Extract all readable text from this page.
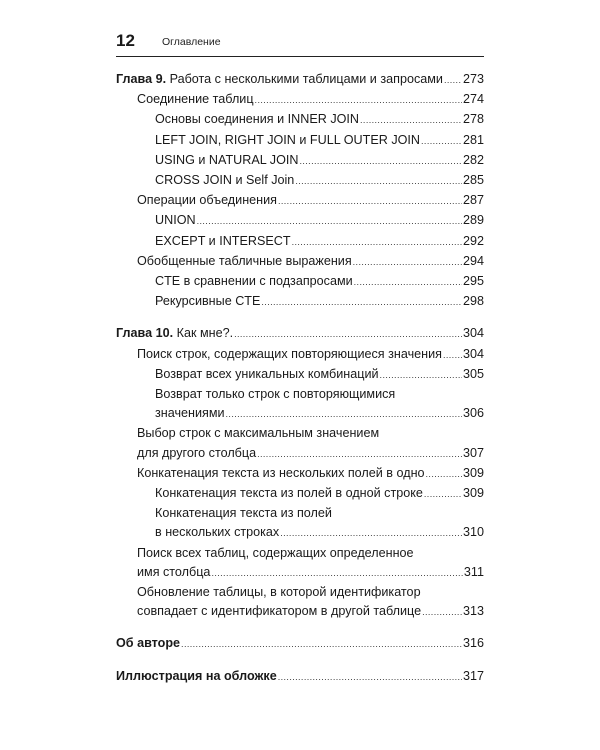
12	Оглавление
Глава 9. Работа с несколькими таблицами и запросами ..... 273
Соединение таблиц .....	274
Основы соединения и INNER JOIN .....	278
LEFT JOIN, RIGHT JOIN и FULL OUTER JOIN .....	281
USING и NATURAL JOIN .....	282
CROSS JOIN и Self Join .....	285
Операции объединения .....	287
UNION .....	289
EXCEPT и INTERSECT .....	292
Обобщенные табличные выражения .....	294
CTE в сравнении с подзапросами .....	295
Рекурсивные CTE .....	298
Глава 10. Как мне?. .....	304
Поиск строк, содержащих повторяющиеся значения ..... 304
Возврат всех уникальных комбинаций .....	305
Возврат только строк с повторяющимися
значениями .....	306
Выбор строк с максимальным значением
для другого столбца .....	307
Конкатенация текста из нескольких полей в одно .....	309
Конкатенация текста из полей в одной строке .....	309
Конкатенация текста из полей
в нескольких строках .....	310
Поиск всех таблиц, содержащих определенное
имя столбца .....	311
Обновление таблицы, в которой идентификатор
совпадает с идентификатором в другой таблице .....	313
Об авторе .....	316
Иллюстрация на обложке .....	317
